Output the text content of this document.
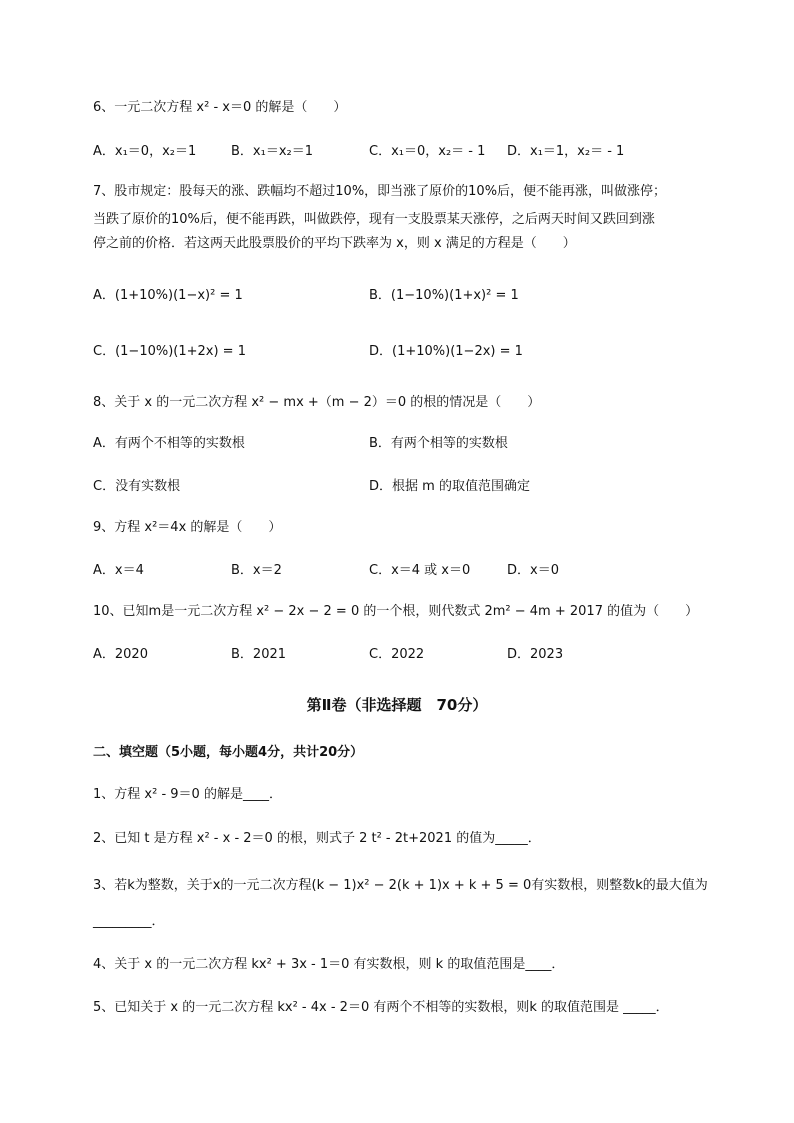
6、一元二次方程 x² - x＝0 的解是（　　）
A．x₁＝0，x₂＝1	B．x₁＝x₂＝1	C．x₁＝0，x₂＝ - 1 D．x₁＝1，x₂＝ - 1
7、股市规定：股每天的涨、跌幅均不超过10%，即当涨了原价的10%后，便不能再涨，叫做涨停；
当跌了原价的10%后，便不能再跌，叫做跌停，现有一支股票某天涨停，之后两天时间又跌回到涨
停之前的价格．若这两天此股票股价的平均下跌率为 x，则 x 满足的方程是（　　）
A．(1+10%)(1−x)² = 1	B．(1−10%)(1+x)² = 1
C．(1−10%)(1+2x) = 1	D．(1+10%)(1−2x) = 1
8、关于 x 的一元二次方程 x² − mx +（m − 2）＝0 的根的情况是（　　）
A．有两个不相等的实数根	B．有两个相等的实数根
C．没有实数根	D．根据 m 的取值范围确定
9、方程 x²＝4x 的解是（　　）
A．x＝4	B．x＝2	C．x＝4 或 x＝0	D．x＝0
10、已知m是一元二次方程 x² − 2x − 2 = 0 的一个根，则代数式 2m² − 4m + 2017 的值为（　　）
A．2020	B．2021	C．2022	D．2023
第Ⅱ卷（非选择题　70分）
二、填空题（5小题，每小题4分，共计20分）
1、方程 x² - 9＝0 的解是____．
2、已知 t 是方程 x² - x - 2＝0 的根，则式子 2 t² - 2t+2021 的值为_____．
3、若k为整数，关于x的一元二次方程(k − 1)x² − 2(k + 1)x + k + 5 = 0有实数根，则整数k的最大值为
_________．
4、关于 x 的一元二次方程 kx² + 3x - 1＝0 有实数根，则 k 的取值范围是____．
5、已知关于 x 的一元二次方程 kx² - 4x - 2＝0 有两个不相等的实数根，则k 的取值范围是 _____．
